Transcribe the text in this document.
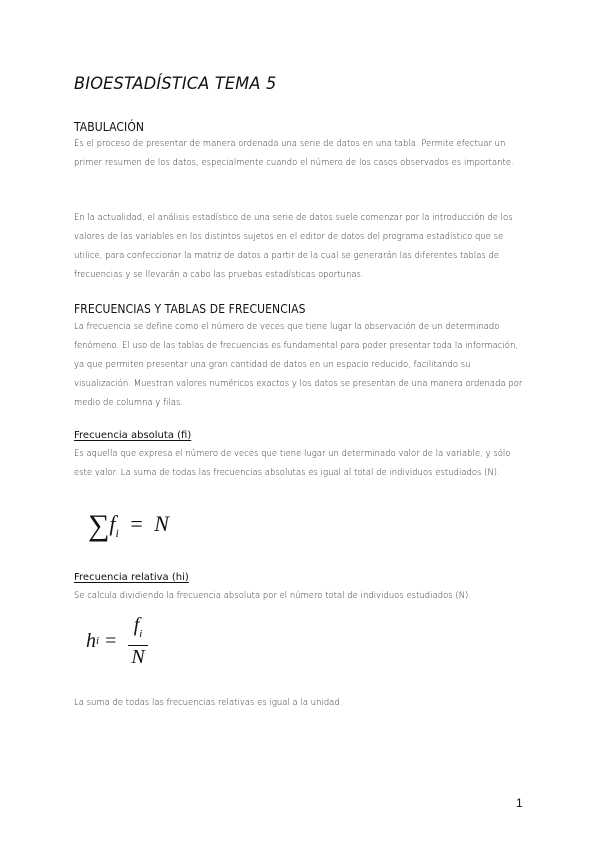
BIOESTADÍSTICA TEMA 5
TABULACIÓN
Es el proceso de presentar de manera ordenada una serie de datos en una tabla. Permite efectuar un primer resumen de los datos, especialmente cuando el número de los casos observados es importante.
En la actualidad, el análisis estadístico de una serie de datos suele comenzar por la introducción de los valores de las variables en los distintos sujetos en el editor de datos del programa estadístico que se utilice, para confeccionar la matriz de datos a partir de la cual se generarán las diferentes tablas de frecuencias y se llevarán a cabo las pruebas estadísticas oportunas.
FRECUENCIAS Y TABLAS DE FRECUENCIAS
La frecuencia se define como el número de veces que tiene lugar la observación de un determinado fenómeno. El uso de las tablas de frecuencias es fundamental para poder presentar toda la información, ya que permiten presentar una gran cantidad de datos en un espacio reducido, facilitando su visualización. Muestran valores numéricos exactos y los datos se presentan de una manera ordenada por medio de columna y filas.
Frecuencia absoluta (fi)
Es aquella que expresa el número de veces que tiene lugar un determinado valor de la variable, y sólo este valor. La suma de todas las frecuencias absolutas es igual al total de individuos estudiados (N).
$\sum f_i = N$
Frecuencia relativa (hi)
Se calcula dividiendo la frecuencia absoluta por el número total de individuos estudiados (N).
h $i = \frac{f_i}{N}$
La suma de todas las frecuencias relativas es igual a la unidad.
1
